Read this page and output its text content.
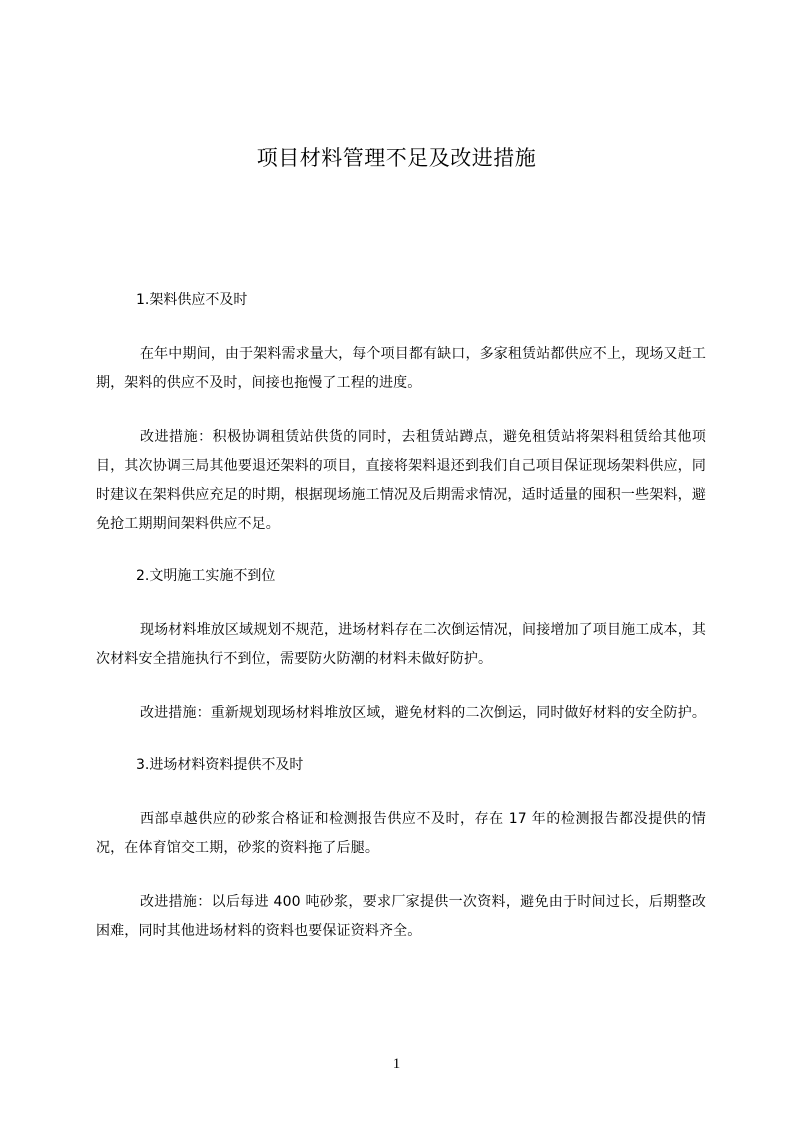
项目材料管理不足及改进措施
1.架料供应不及时

在年中期间，由于架料需求量大，每个项目都有缺口，多家租赁站都供应不上，现场又赶工期，架料的供应不及时，间接也拖慢了工程的进度。

改进措施：积极协调租赁站供货的同时，去租赁站蹲点，避免租赁站将架料租赁给其他项目，其次协调三局其他要退还架料的项目，直接将架料退还到我们自己项目保证现场架料供应，同时建议在架料供应充足的时期，根据现场施工情况及后期需求情况，适时适量的囤积一些架料，避免抢工期期间架料供应不足。

2.文明施工实施不到位

现场材料堆放区域规划不规范，进场材料存在二次倒运情况，间接增加了项目施工成本，其次材料安全措施执行不到位，需要防火防潮的材料未做好防护。

改进措施：重新规划现场材料堆放区域，避免材料的二次倒运，同时做好材料的安全防护。

3.进场材料资料提供不及时

西部卓越供应的砂浆合格证和检测报告供应不及时，存在 17 年的检测报告都没提供的情况，在体育馆交工期，砂浆的资料拖了后腿。

改进措施：以后每进 400 吨砂浆，要求厂家提供一次资料，避免由于时间过长，后期整改困难，同时其他进场材料的资料也要保证资料齐全。

1
